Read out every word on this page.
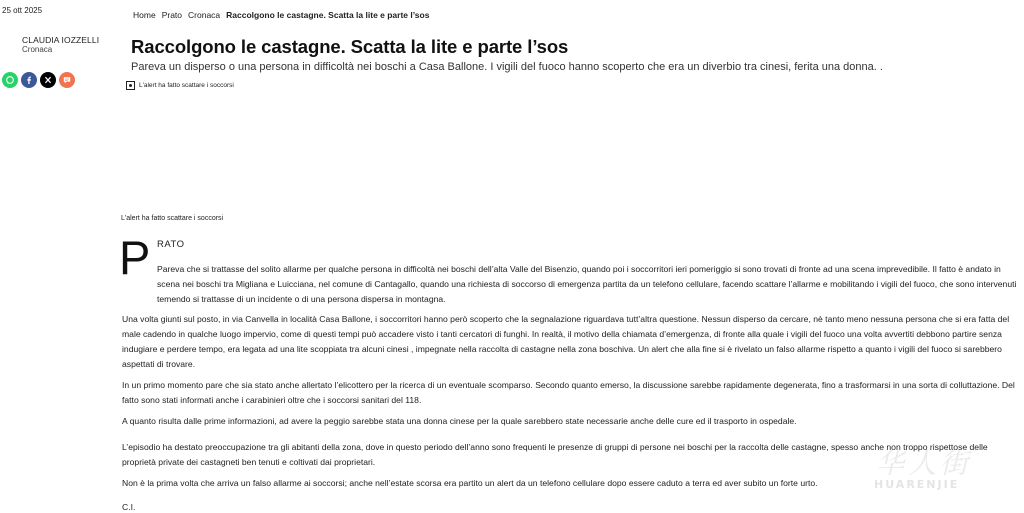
25 ott 2025
CLAUDIA IOZZELLI
Cronaca
Home Prato Cronaca Raccolgono le castagne. Scatta la lite e parte l’sos
Raccolgono le castagne. Scatta la lite e parte l’sos

Pareva un disperso o una persona in difficoltà nei boschi a Casa Ballone. I vigili del fuoco hanno scoperto che era un diverbio tra cinesi, ferita una donna. .

L'alert ha fatto scattare i soccorsi
L'alert ha fatto scattare i soccorsi
P RATO

Pareva che si trattasse del solito allarme per qualche persona in difficoltà nei boschi dell’alta Valle del Bisenzio, quando poi i soccorritori ieri pomeriggio si sono trovati di fronte ad una scena imprevedibile. Il fatto è andato in scena nei boschi tra Migliana e Luicciana, nel comune di Cantagallo, quando una richiesta di soccorso di emergenza partita da un telefono cellulare, facendo scattare l’allarme e mobilitando i vigili del fuoco, che sono intervenuti temendo si trattasse di un incidente o di una persona dispersa in montagna.

Una volta giunti sul posto, in via Canvella in località Casa Ballone, i soccorritori hanno però scoperto che la segnalazione riguardava tutt’altra questione. Nessun disperso da cercare, nè tanto meno nessuna persona che si era fatta del male cadendo in qualche luogo impervio, come di questi tempi può accadere visto i tanti cercatori di funghi. In realtà, il motivo della chiamata d’emergenza, di fronte alla quale i vigili del fuoco una volta avvertiti debbono partire senza indugiare e perdere tempo, era legata ad una lite scoppiata tra alcuni cinesi , impegnate nella raccolta di castagne nella zona boschiva. Un alert che alla fine si è rivelato un falso allarme rispetto a quanto i vigili del fuoco si sarebbero aspettati di trovare.

In un primo momento pare che sia stato anche allertato l’elicottero per la ricerca di un eventuale scomparso. Secondo quanto emerso, la discussione sarebbe rapidamente degenerata, fino a trasformarsi in una sorta di colluttazione. Del fatto sono stati informati anche i carabinieri oltre che i soccorsi sanitari del 118.

A quanto risulta dalle prime informazioni, ad avere la peggio sarebbe stata una donna cinese per la quale sarebbero state necessarie anche delle cure ed il trasporto in ospedale.

L’episodio ha destato preoccupazione tra gli abitanti della zona, dove in questo periodo dell’anno sono frequenti le presenze di gruppi di persone nei boschi per la raccolta delle castagne, spesso anche non troppo rispettose delle proprietà private dei castagneti ben tenuti e coltivati dai proprietari.

Non è la prima volta che arriva un falso allarme ai soccorsi; anche nell’estate scorsa era partito un alert da un telefono cellulare dopo essere caduto a terra ed aver subito un forte urto.

C.I.
华人街
HUARENJIE
